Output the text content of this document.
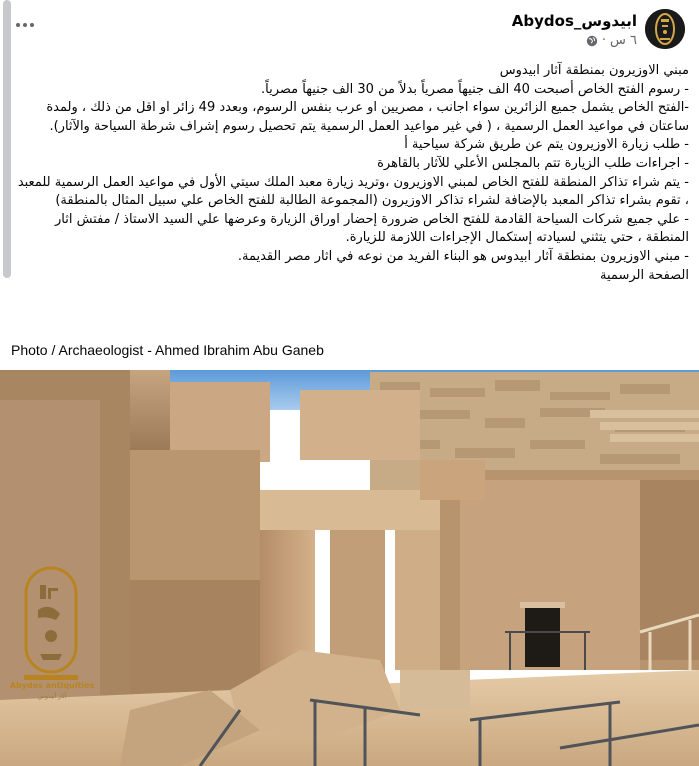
Abydos_ابيدوس
٦ س
·

مبني الاوزيرون بمنطقة آثار ابيدوس

- رسوم الفتح الخاص أصبحت 40 الف جنيهاً مصرياً بدلاً من 30 الف جنيهاً مصرياً.

-الفتح الخاص يشمل جميع الزائرين سواء اجانب ، مصريين او عرب بنفس الرسوم، وبعدد 49 زائر او اقل من ذلك ، ولمدة ساعتان في مواعيد العمل الرسمية ، ( في غير مواعيد العمل الرسمية يتم تحصيل رسوم إشراف شرطة السياحة والآثار).

- طلب زيارة الاوزيرون يتم عن طريق شركة سياحية أ

- اجراءات طلب الزيارة تتم بالمجلس الأعلي للآثار بالقاهرة

- يتم شراء تذاكر المنطقة للفتح الخاص لمبني الاوزيرون ،وتريد زيارة معبد الملك سيتي الأول في مواعيد العمل الرسمية للمعبد ، تقوم بشراء تذاكر المعبد بالإضافة لشراء تذاكر الاوزيرون (المجموعة الطالبة للفتح الخاص علي سبيل المثال بالمنطقة)

- علي جميع شركات السياحة القادمة للفتح الخاص ضرورة إحضار اوراق الزيارة وعرضها علي السيد الاستاذ / مفتش اثار المنطقة ، حتي يتثني لسيادته إستكمال الإجراءات اللازمة للزيارة.

- مبني الاوزيرون بمنطقة آثار ابيدوس هو البناء الفريد من نوعه في اثار مصر القديمة.

الصفحة الرسمية

Photo / Archaeologist - Ahmed Ibrahim Abu Ganeb
Abydos antiquities
آثار أبيدوس
